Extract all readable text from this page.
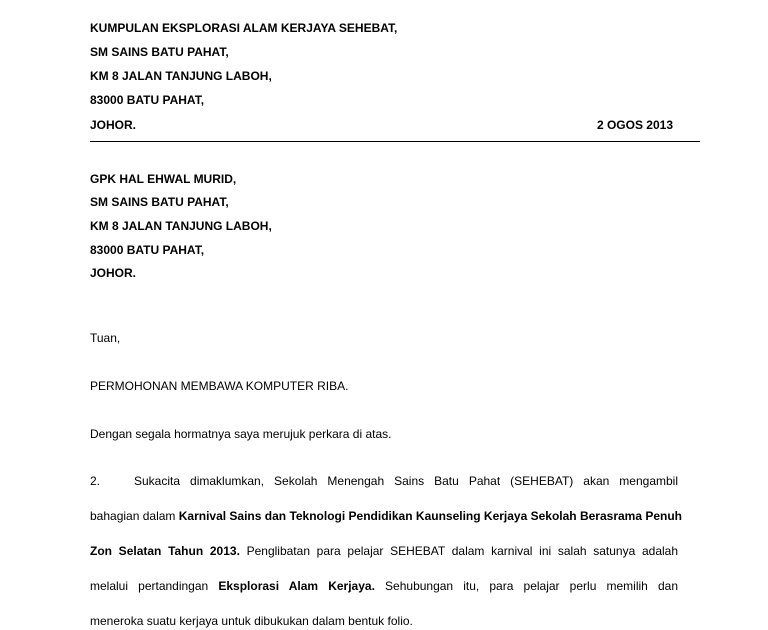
KUMPULAN EKSPLORASI ALAM KERJAYA SEHEBAT,
SM SAINS BATU PAHAT,
KM 8 JALAN TANJUNG LABOH,
83000 BATU PAHAT,
JOHOR.	2 OGOS 2013
GPK HAL EHWAL MURID,
SM SAINS BATU PAHAT,
KM 8 JALAN TANJUNG LABOH,
83000 BATU PAHAT,
JOHOR.
Tuan,
PERMOHONAN MEMBAWA KOMPUTER RIBA.
Dengan segala hormatnya saya merujuk perkara di atas.
2.	Sukacita dimaklumkan, Sekolah Menengah Sains Batu Pahat (SEHEBAT) akan mengambil
bahagian dalam Karnival Sains dan Teknologi Pendidikan Kaunseling Kerjaya Sekolah Berasrama Penuh
Zon Selatan Tahun 2013. Penglibatan para pelajar SEHEBAT dalam karnival ini salah satunya adalah
melalui pertandingan Eksplorasi Alam Kerjaya. Sehubungan itu, para pelajar perlu memilih dan
meneroka suatu kerjaya untuk dibukukan dalam bentuk folio.
